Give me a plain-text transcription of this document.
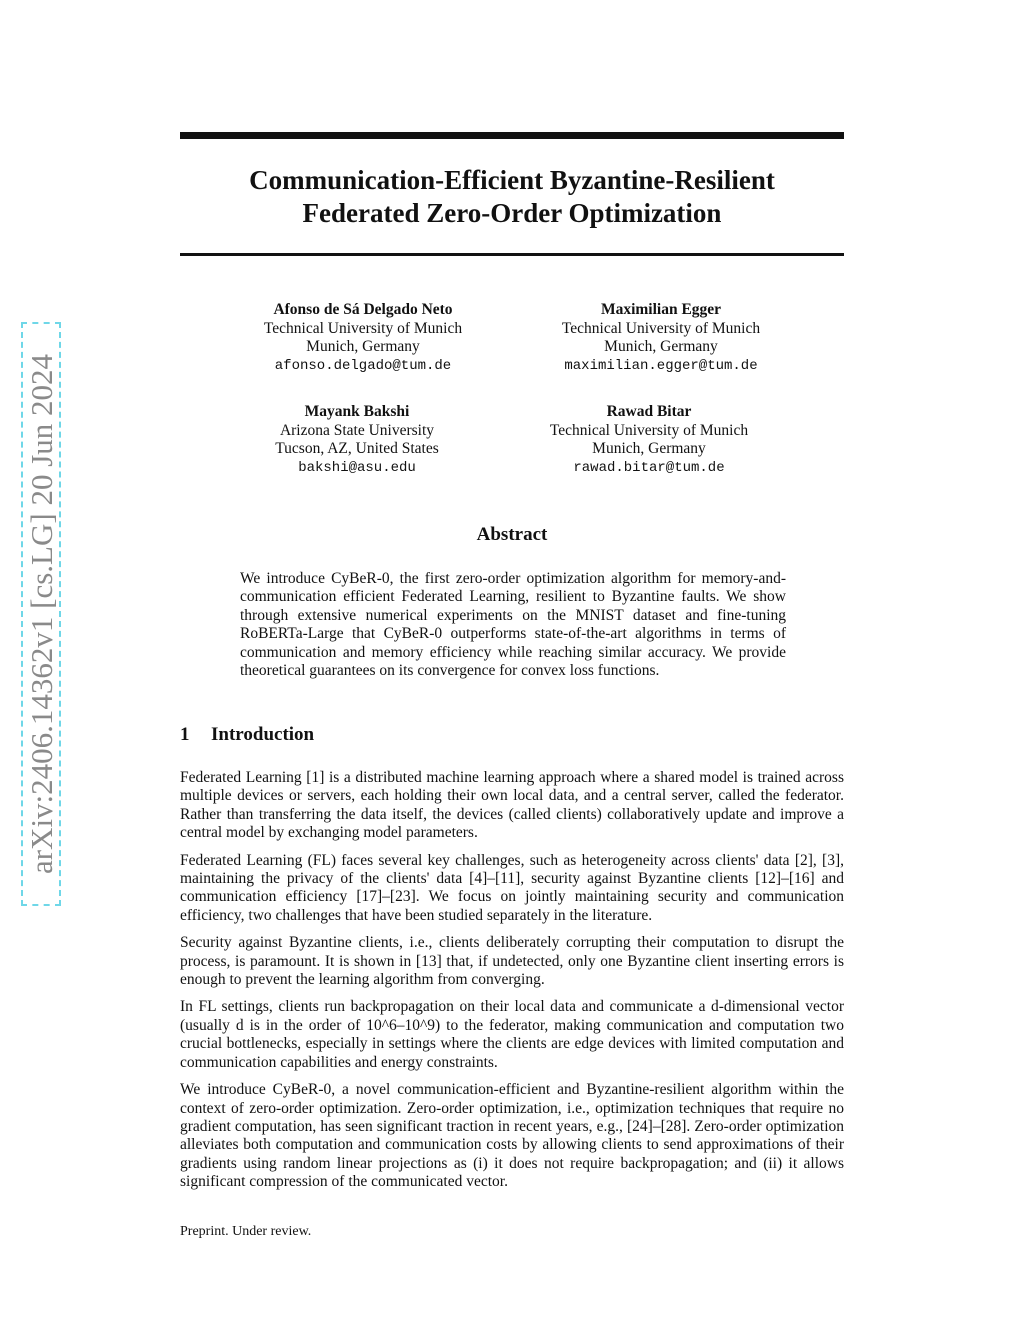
arXiv:2406.14362v1 [cs.LG] 20 Jun 2024
Communication-Efficient Byzantine-Resilient
Federated Zero-Order Optimization
Afonso de Sá Delgado Neto
Technical University of Munich
Munich, Germany
afonso.delgado@tum.de
Maximilian Egger
Technical University of Munich
Munich, Germany
maximilian.egger@tum.de
Mayank Bakshi
Arizona State University
Tucson, AZ, United States
bakshi@asu.edu
Rawad Bitar
Technical University of Munich
Munich, Germany
rawad.bitar@tum.de
Abstract
We introduce CyBeR-0, the first zero-order optimization algorithm for memory-and-communication efficient Federated Learning, resilient to Byzantine faults. We show through extensive numerical experiments on the MNIST dataset and fine-tuning RoBERTa-Large that CyBeR-0 outperforms state-of-the-art algorithms in terms of communication and memory efficiency while reaching similar accuracy. We provide theoretical guarantees on its convergence for convex loss functions.
1 Introduction

Federated Learning [1] is a distributed machine learning approach where a shared model is trained across multiple devices or servers, each holding their own local data, and a central server, called the federator. Rather than transferring the data itself, the devices (called clients) collaboratively update and improve a central model by exchanging model parameters.

Federated Learning (FL) faces several key challenges, such as heterogeneity across clients' data [2], [3], maintaining the privacy of the clients' data [4]–[11], security against Byzantine clients [12]–[16] and communication efficiency [17]–[23]. We focus on jointly maintaining security and communication efficiency, two challenges that have been studied separately in the literature.

Security against Byzantine clients, i.e., clients deliberately corrupting their computation to disrupt the process, is paramount. It is shown in [13] that, if undetected, only one Byzantine client inserting errors is enough to prevent the learning algorithm from converging.

In FL settings, clients run backpropagation on their local data and communicate a d-dimensional vector (usually d is in the order of 10^6–10^9) to the federator, making communication and computation two crucial bottlenecks, especially in settings where the clients are edge devices with limited computation and communication capabilities and energy constraints.

We introduce CyBeR-0, a novel communication-efficient and Byzantine-resilient algorithm within the context of zero-order optimization. Zero-order optimization, i.e., optimization techniques that require no gradient computation, has seen significant traction in recent years, e.g., [24]–[28]. Zero-order optimization alleviates both computation and communication costs by allowing clients to send approximations of their gradients using random linear projections as (i) it does not require backpropagation; and (ii) it allows significant compression of the communicated vector.

Preprint. Under review.
